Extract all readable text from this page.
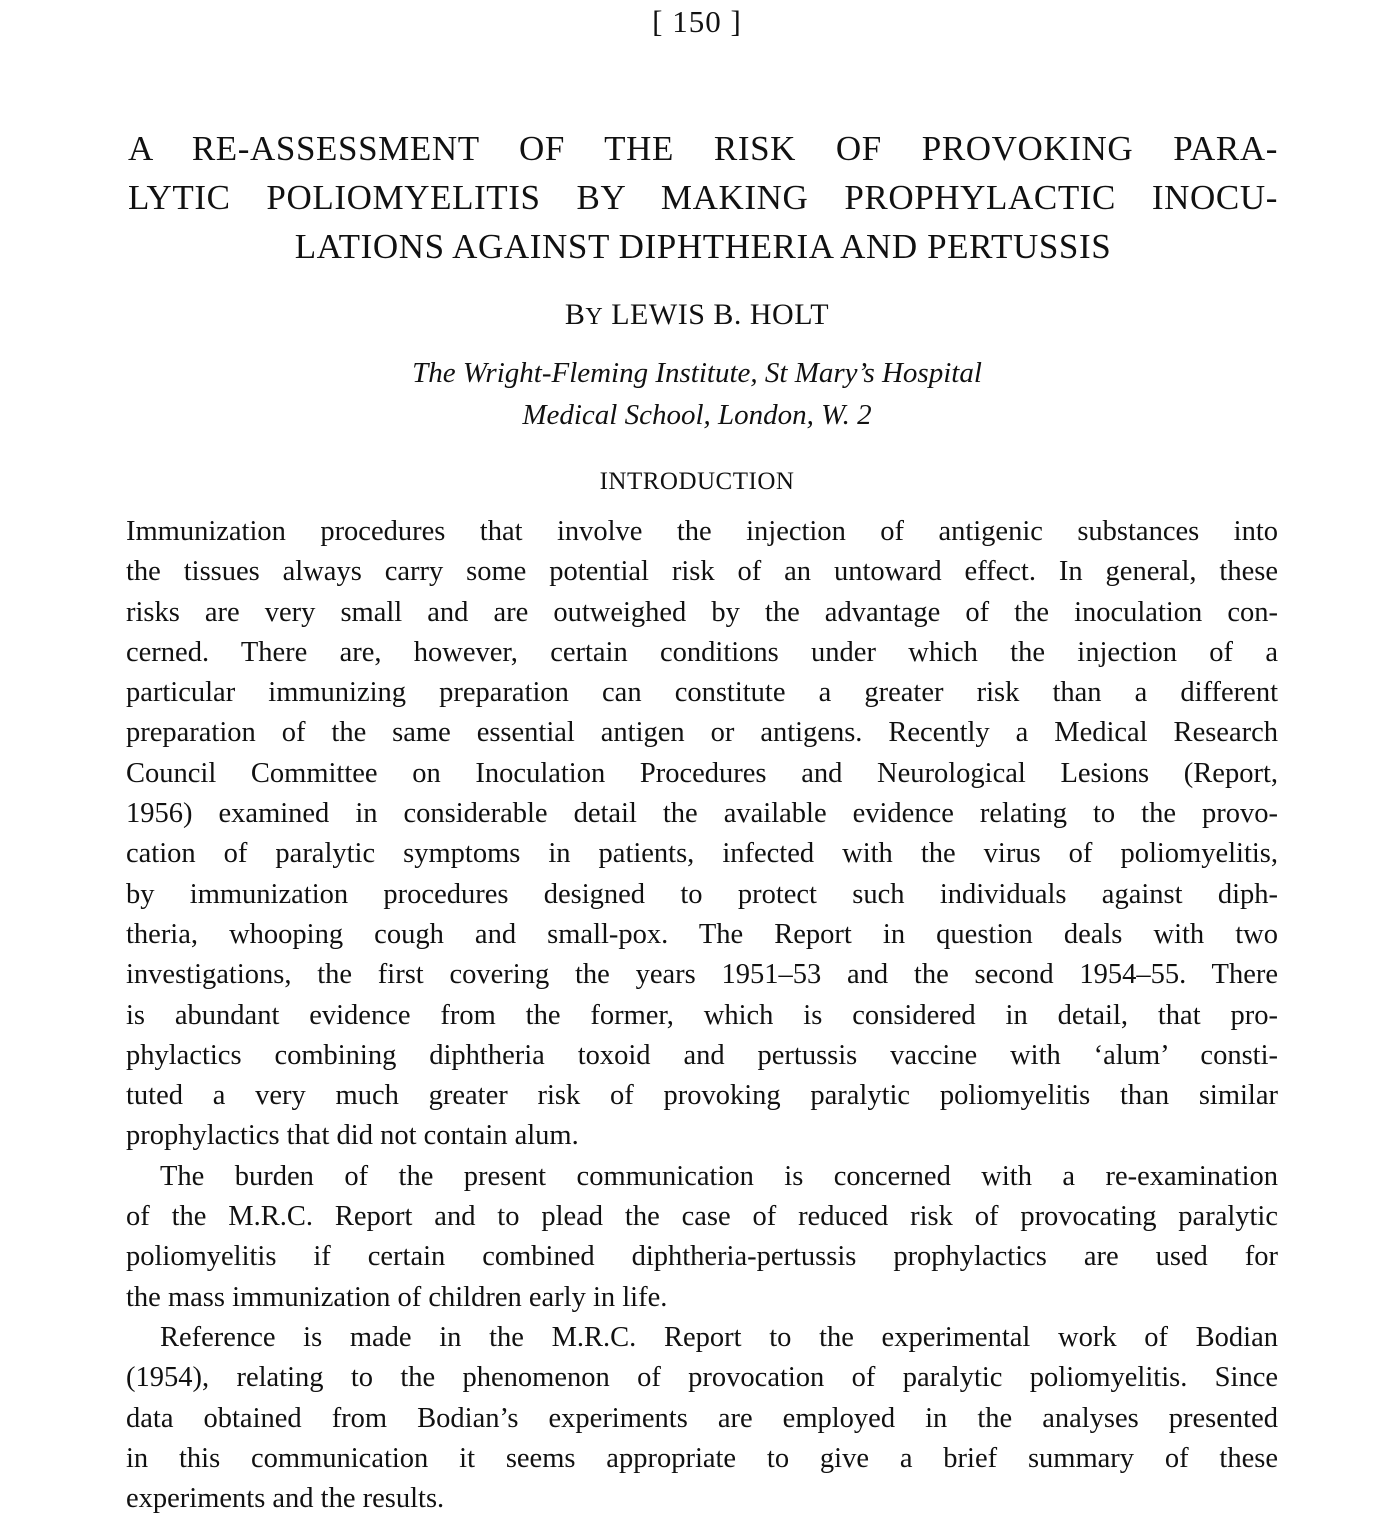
[ 150 ]
A RE-ASSESSMENT OF THE RISK OF PROVOKING PARA-
LYTIC POLIOMYELITIS BY MAKING PROPHYLACTIC INOCU-
LATIONS AGAINST DIPHTHERIA AND PERTUSSIS
BY LEWIS B. HOLT
The Wright-Fleming Institute, St Mary’s Hospital
Medical School, London, W. 2
INTRODUCTION
Immunization procedures that involve the injection of antigenic substances into
the tissues always carry some potential risk of an untoward effect. In general, these
risks are very small and are outweighed by the advantage of the inoculation con-
cerned. There are, however, certain conditions under which the injection of a
particular immunizing preparation can constitute a greater risk than a different
preparation of the same essential antigen or antigens. Recently a Medical Research
Council Committee on Inoculation Procedures and Neurological Lesions (Report,
1956) examined in considerable detail the available evidence relating to the provo-
cation of paralytic symptoms in patients, infected with the virus of poliomyelitis,
by immunization procedures designed to protect such individuals against diph-
theria, whooping cough and small-pox. The Report in question deals with two
investigations, the first covering the years 1951–53 and the second 1954–55. There
is abundant evidence from the former, which is considered in detail, that pro-
phylactics combining diphtheria toxoid and pertussis vaccine with ‘alum’ consti-
tuted a very much greater risk of provoking paralytic poliomyelitis than similar
prophylactics that did not contain alum.
The burden of the present communication is concerned with a re-examination
of the M.R.C. Report and to plead the case of reduced risk of provocating paralytic
poliomyelitis if certain combined diphtheria-pertussis prophylactics are used for
the mass immunization of children early in life.
Reference is made in the M.R.C. Report to the experimental work of Bodian
(1954), relating to the phenomenon of provocation of paralytic poliomyelitis. Since
data obtained from Bodian’s experiments are employed in the analyses presented
in this communication it seems appropriate to give a brief summary of these
experiments and the results.
